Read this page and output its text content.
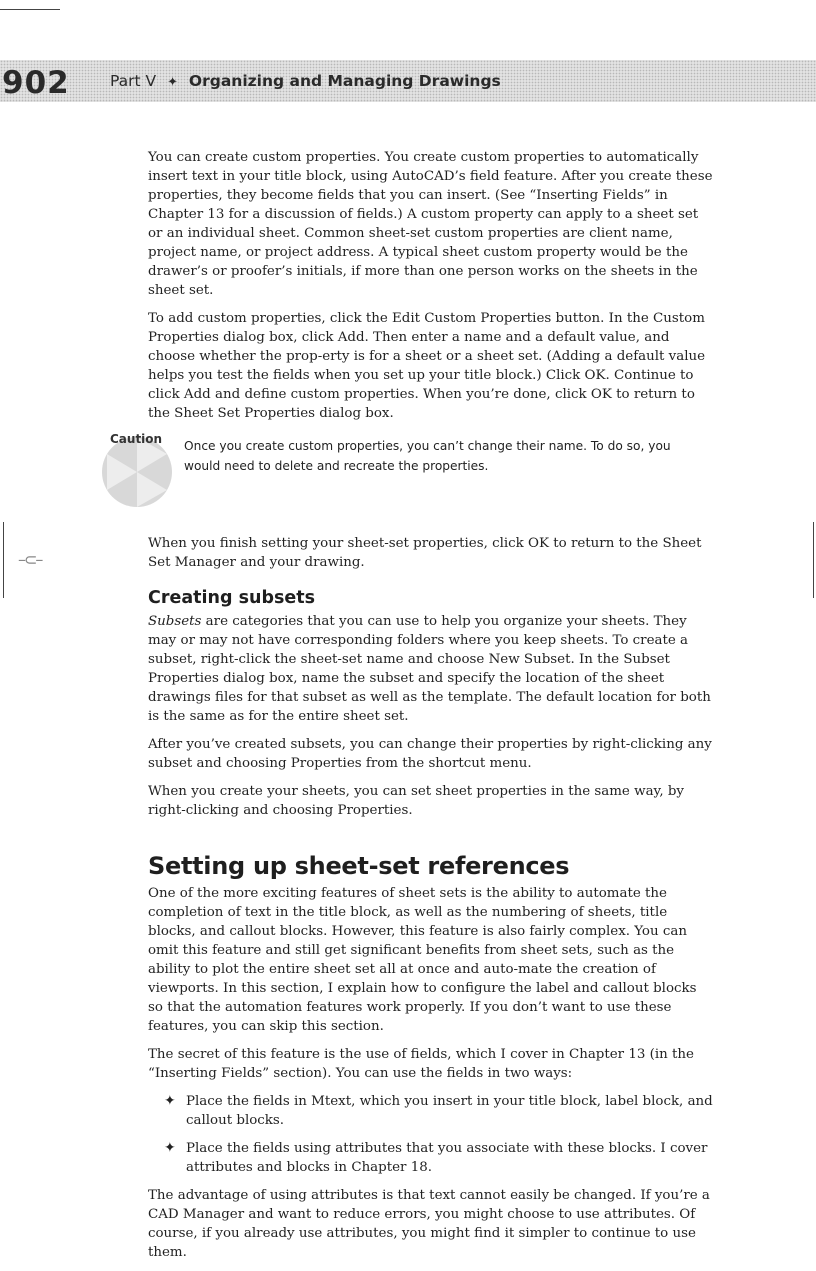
902	Part V ✦ Organizing and Managing Drawings
–⊂–

You can create custom properties. You create custom properties to automatically insert text in your title block, using AutoCAD’s field feature. After you create these properties, they become fields that you can insert. (See “Inserting Fields” in Chapter 13 for a discussion of fields.) A custom property can apply to a sheet set or an individual sheet. Common sheet-set custom properties are client name, project name, or project address. A typical sheet custom property would be the drawer’s or proofer’s initials, if more than one person works on the sheets in the sheet set.

To add custom properties, click the Edit Custom Properties button. In the Custom Properties dialog box, click Add. Then enter a name and a default value, and choose whether the prop-erty is for a sheet or a sheet set. (Adding a default value helps you test the fields when you set up your title block.) Click OK. Continue to click Add and define custom properties. When you’re done, click OK to return to the Sheet Set Properties dialog box.

Caution Once you create custom properties, you can’t change their name. To do so, you would need to delete and recreate the properties.

When you finish setting your sheet-set properties, click OK to return to the Sheet Set Manager and your drawing.

Creating subsets

Subsets are categories that you can use to help you organize your sheets. They may or may not have corresponding folders where you keep sheets. To create a subset, right-click the sheet-set name and choose New Subset. In the Subset Properties dialog box, name the subset and specify the location of the sheet drawings files for that subset as well as the template. The default location for both is the same as for the entire sheet set.

After you’ve created subsets, you can change their properties by right-clicking any subset and choosing Properties from the shortcut menu.

When you create your sheets, you can set sheet properties in the same way, by right-clicking and choosing Properties.

Setting up sheet-set references

One of the more exciting features of sheet sets is the ability to automate the completion of text in the title block, as well as the numbering of sheets, title blocks, and callout blocks. However, this feature is also fairly complex. You can omit this feature and still get significant benefits from sheet sets, such as the ability to plot the entire sheet set all at once and auto-mate the creation of viewports. In this section, I explain how to configure the label and callout blocks so that the automation features work properly. If you don’t want to use these features, you can skip this section.

The secret of this feature is the use of fields, which I cover in Chapter 13 (in the “Inserting Fields” section). You can use the fields in two ways:

✦ Place the fields in Mtext, which you insert in your title block, label block, and callout blocks.
✦ Place the fields using attributes that you associate with these blocks. I cover attributes and blocks in Chapter 18.

The advantage of using attributes is that text cannot easily be changed. If you’re a CAD Manager and want to reduce errors, you might choose to use attributes. Of course, if you already use attributes, you might find it simpler to continue to use them.
